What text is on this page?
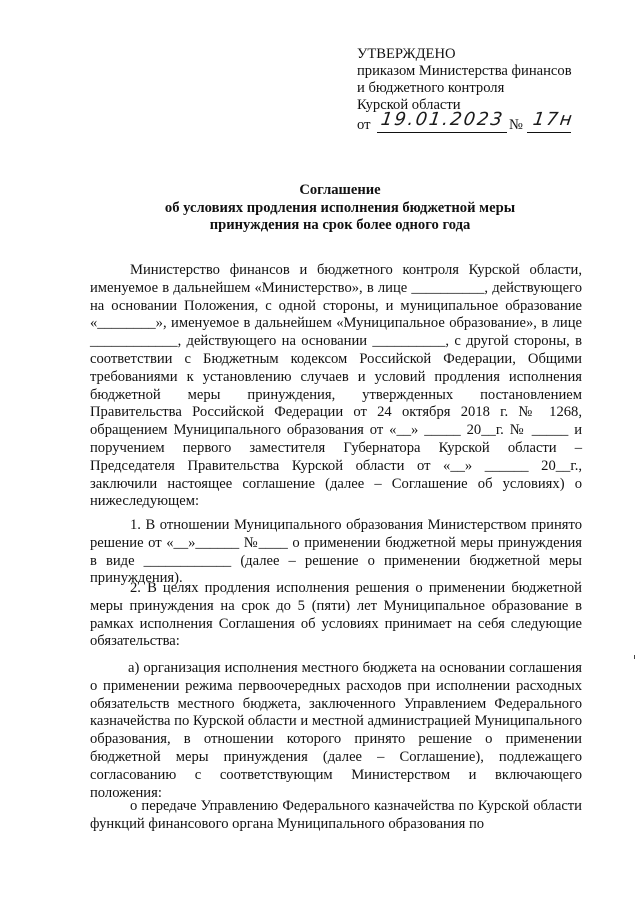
УТВЕРЖДЕНО
приказом Министерства финансов
и бюджетного контроля
Курской области
от 19.01.2023 № 17н
Соглашение
об условиях продления исполнения бюджетной меры
принуждения на срок более одного года
Министерство финансов и бюджетного контроля Курской области, именуемое в дальнейшем «Министерство», в лице __________, действующего на основании Положения, с одной стороны, и муниципальное образование «________», именуемое в дальнейшем «Муниципальное образование», в лице ____________, действующего на основании __________, с другой стороны, в соответствии с Бюджетным кодексом Российской Федерации, Общими требованиями к установлению случаев и условий продления исполнения бюджетной меры принуждения, утвержденных постановлением Правительства Российской Федерации от 24 октября 2018 г. № 1268, обращением Муниципального образования от «__» _____ 20__г. № _____ и поручением первого заместителя Губернатора Курской области – Председателя Правительства Курской области от «__» ______ 20__г., заключили настоящее соглашение (далее – Соглашение об условиях) о нижеследующем:
1. В отношении Муниципального образования Министерством принято решение от «__»______ №____ о применении бюджетной меры принуждения в виде ____________ (далее – решение о применении бюджетной меры принуждения).
2. В целях продления исполнения решения о применении бюджетной меры принуждения на срок до 5 (пяти) лет Муниципальное образование в рамках исполнения Соглашения об условиях принимает на себя следующие обязательства:
а) организация исполнения местного бюджета на основании соглашения о применении режима первоочередных расходов при исполнении расходных обязательств местного бюджета, заключенного Управлением Федерального казначейства по Курской области и местной администрацией Муниципального образования, в отношении которого принято решение о применении бюджетной меры принуждения (далее – Соглашение), подлежащего согласованию с соответствующим Министерством и включающего положения:
о передаче Управлению Федерального казначейства по Курской области функций финансового органа Муниципального образования по
